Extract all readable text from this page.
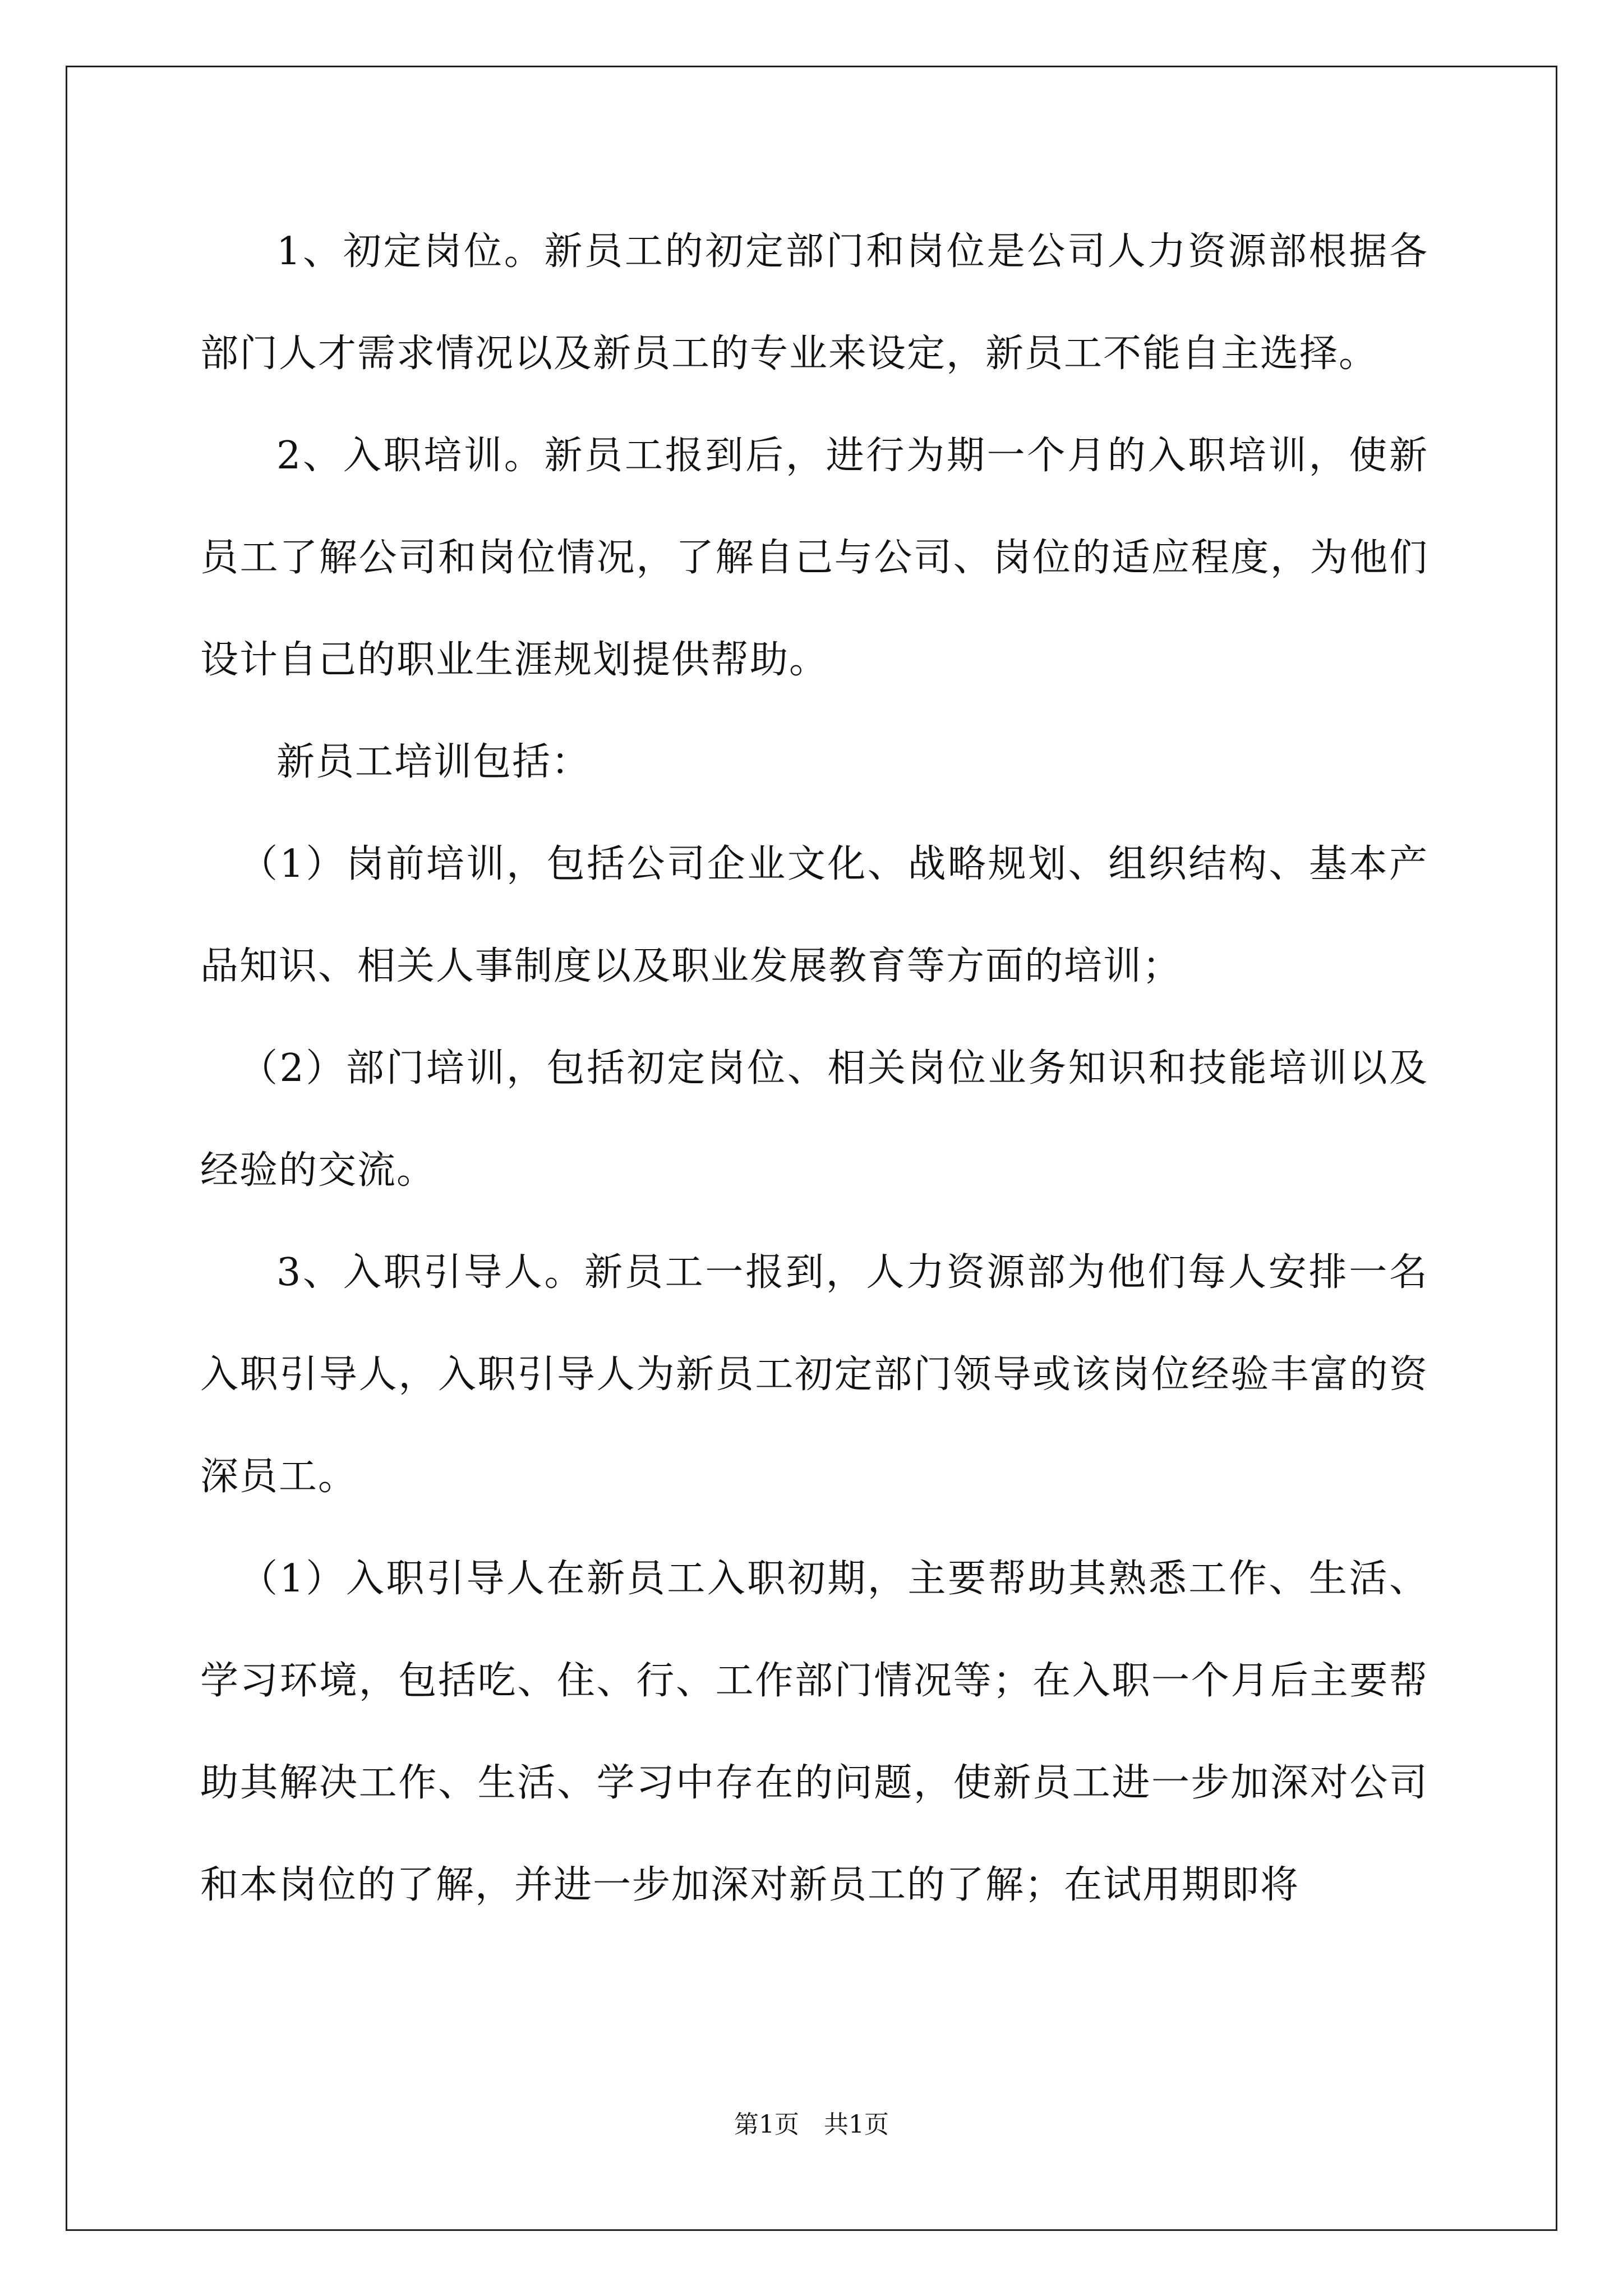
1、初定岗位。新员工的初定部门和岗位是公司人力资源部根据各部门人才需求情况以及新员工的专业来设定，新员工不能自主选择。

2、入职培训。新员工报到后，进行为期一个月的入职培训，使新员工了解公司和岗位情况，了解自己与公司、岗位的适应程度，为他们设计自己的职业生涯规划提供帮助。

新员工培训包括：

（1）岗前培训，包括公司企业文化、战略规划、组织结构、基本产品知识、相关人事制度以及职业发展教育等方面的培训；

（2）部门培训，包括初定岗位、相关岗位业务知识和技能培训以及经验的交流。

3、入职引导人。新员工一报到，人力资源部为他们每人安排一名入职引导人，入职引导人为新员工初定部门领导或该岗位经验丰富的资深员工。

（1）入职引导人在新员工入职初期，主要帮助其熟悉工作、生活、学习环境，包括吃、住、行、工作部门情况等；在入职一个月后主要帮助其解决工作、生活、学习中存在的问题，使新员工进一步加深对公司和本岗位的了解，并进一步加深对新员工的了解；在试用期即将

第1页　共1页
